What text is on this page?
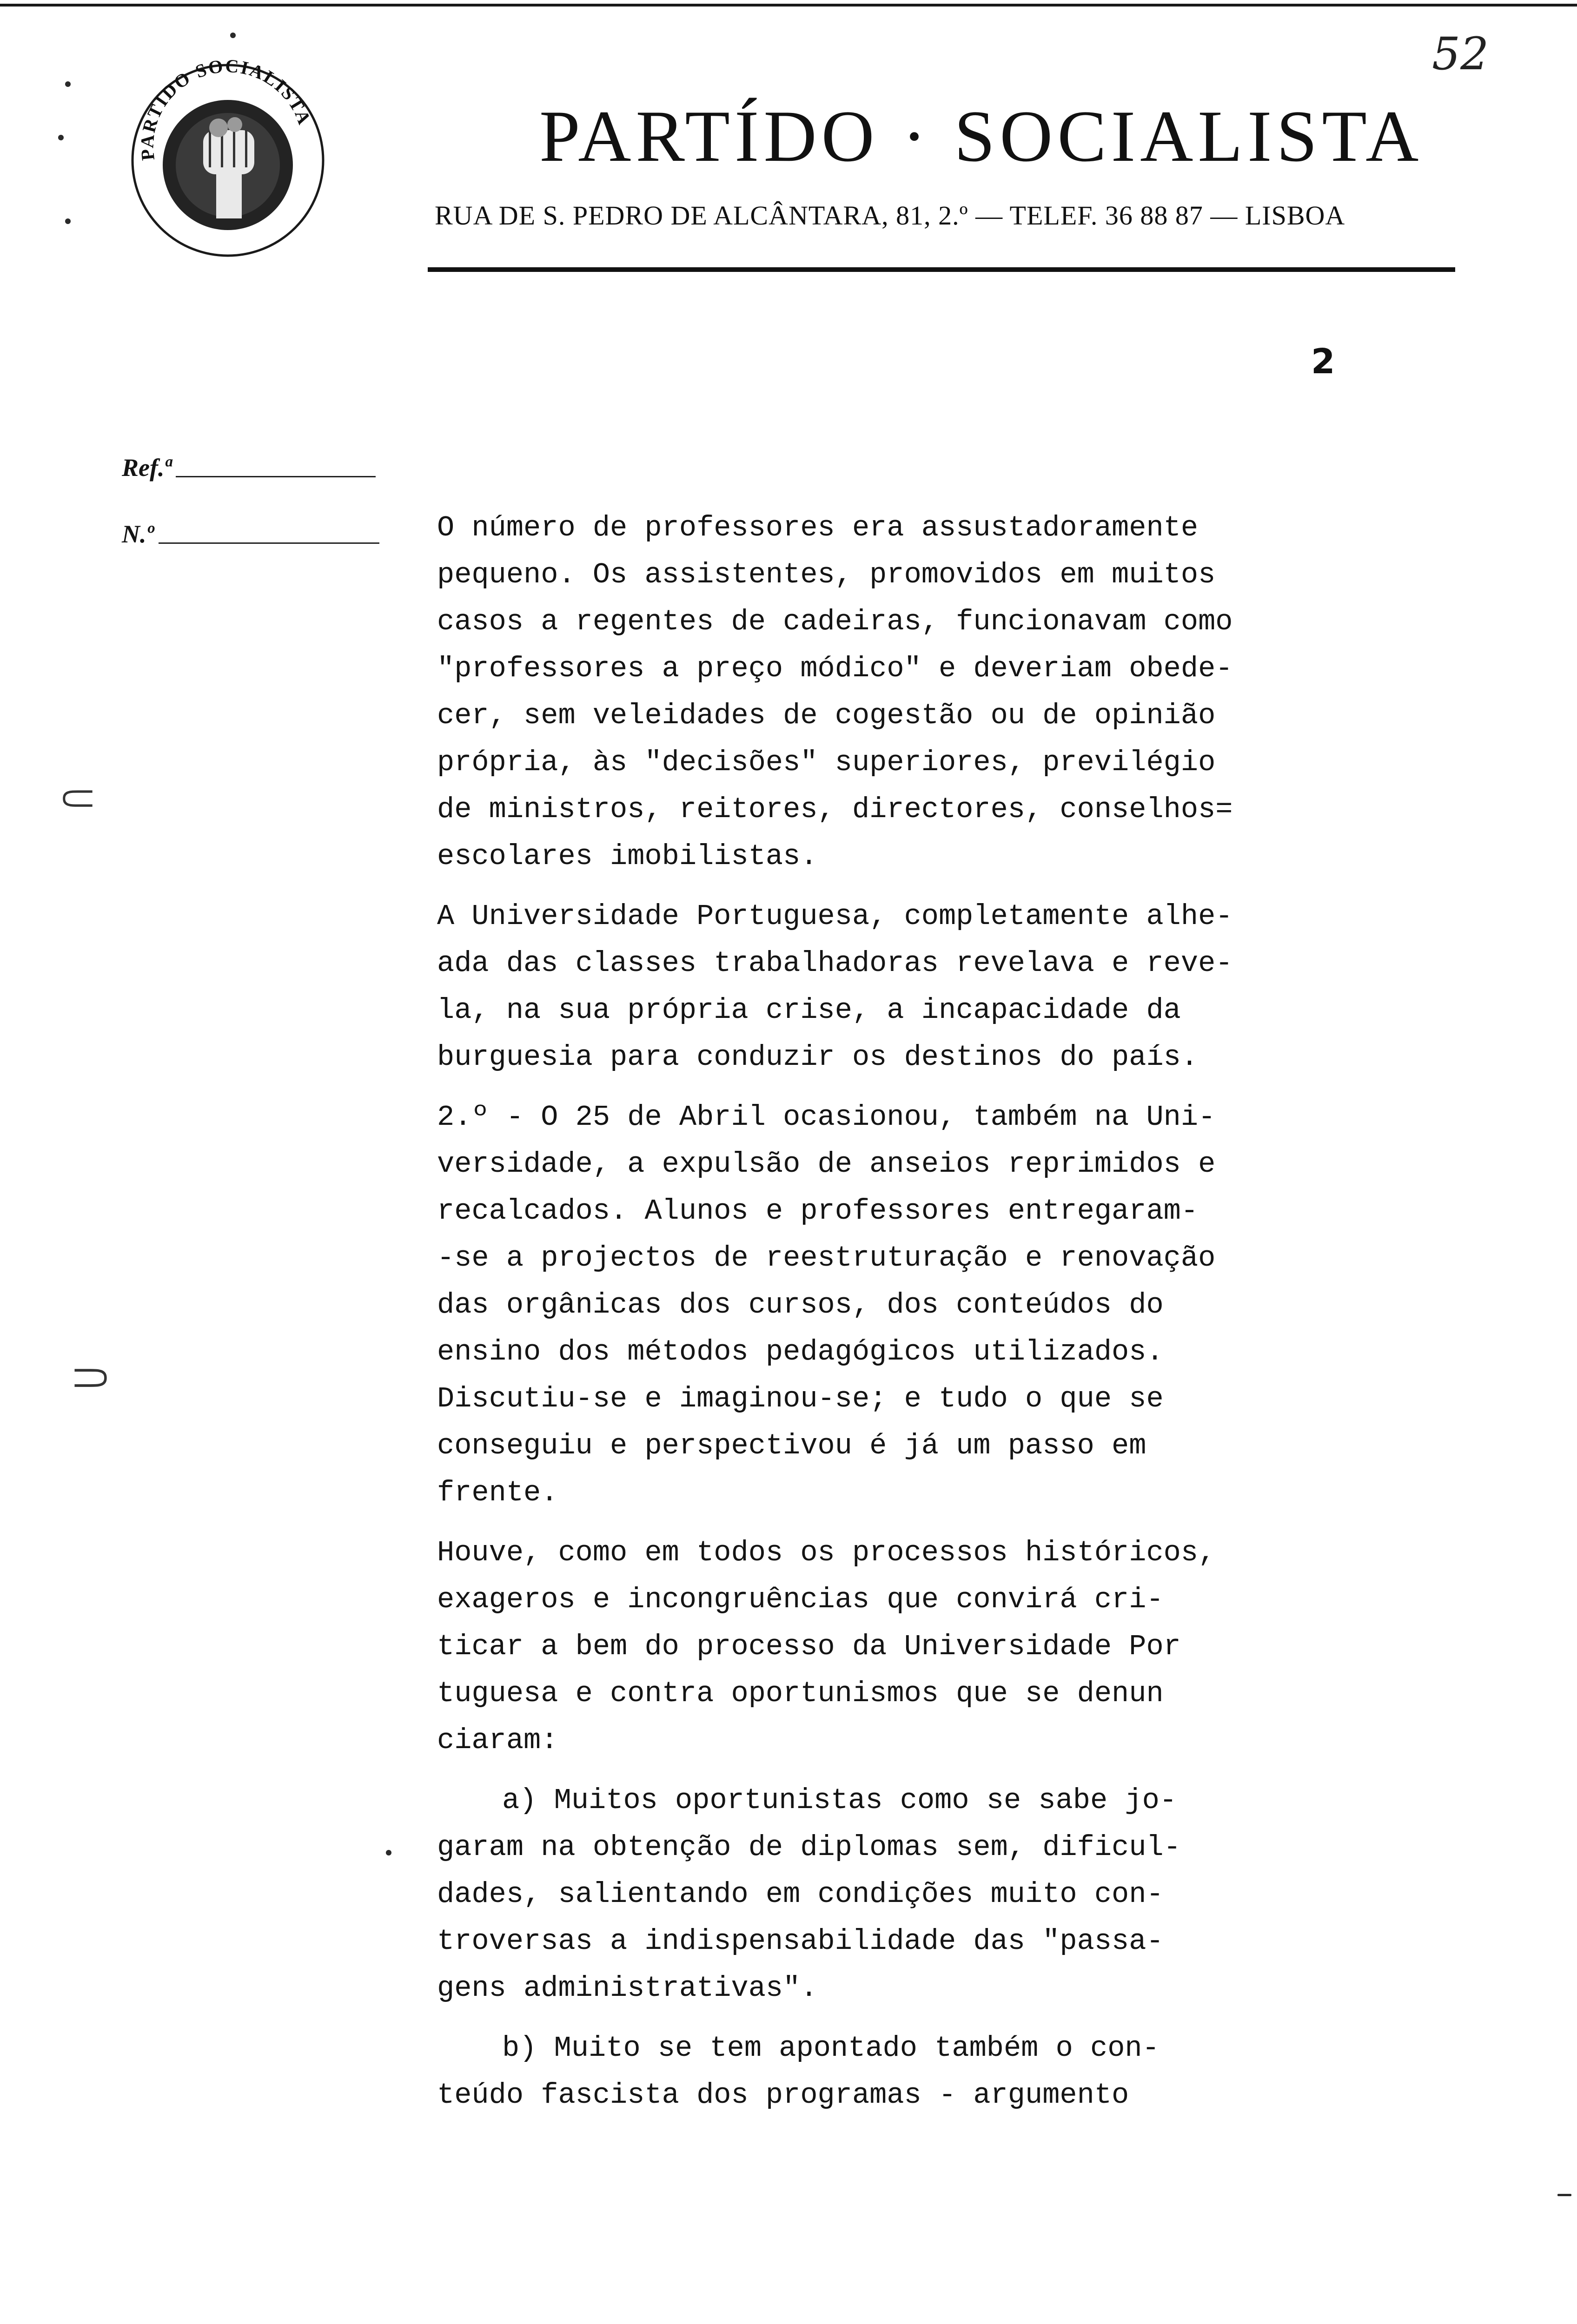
52
PARTIDO SOCIALISTA	PARTÍDO · SOCIALISTA
RUA DE S. PEDRO DE ALCÂNTARA, 81, 2.º — TELEF. 36 88 87 — LISBOA
2
Ref.ª
N.º	O número de professores era assustadoramente
pequeno. Os assistentes, promovidos em muitos
casos a regentes de cadeiras, funcionavam como
"professores a preço módico" e deveriam obede-
cer, sem veleidades de cogestão ou de opinião
própria, às "decisões" superiores, previlégio
de ministros, reitores, directores, conselhos=
escolares imobilistas.
A Universidade Portuguesa, completamente alhe-
ada das classes trabalhadoras revelava e reve-
la, na sua própria crise, a incapacidade da
burguesia para conduzir os destinos do país.
2.º - O 25 de Abril ocasionou, também na Uni-
versidade, a expulsão de anseios reprimidos e
recalcados. Alunos e professores entregaram-
-se a projectos de reestruturação e renovação
das orgânicas dos cursos, dos conteúdos do
ensino dos métodos pedagógicos utilizados.
Discutiu-se e imaginou-se; e tudo o que se
conseguiu e perspectivou é já um passo em
frente.
Houve, como em todos os processos históricos,
exageros e incongruências que convirá cri-
ticar a bem do processo da Universidade Por
tuguesa e contra oportunismos que se denun
ciaram:
a) Muitos oportunistas como se sabe jo-
garam na obtenção de diplomas sem, dificul-
dades, salientando em condições muito con-
troversas a indispensabilidade das "passa-
gens administrativas".
b) Muito se tem apontado também o con-
teúdo fascista dos programas - argumento
⸦
⸧
